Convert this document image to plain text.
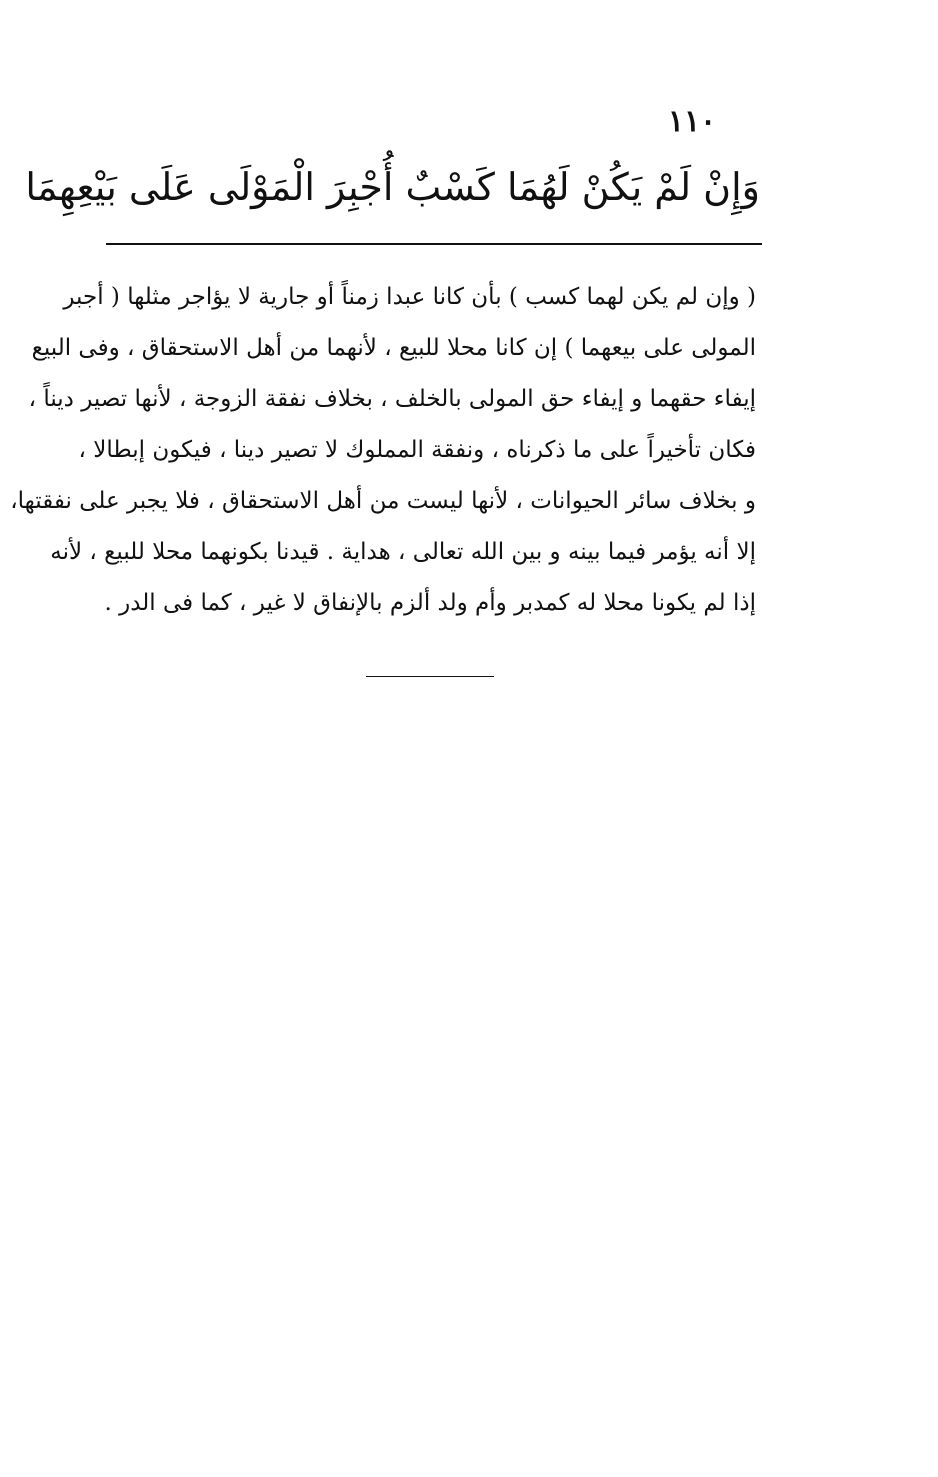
١١٠
وَإِنْ لَمْ يَكُنْ لَهُمَا كَسْبٌ أُجْبِرَ الْمَوْلَى عَلَى بَيْعِهِمَا
( وإن لم يكن لهما كسب ) بأن كانا عبدا زمناً أو جارية لا يؤاجر مثلها ( أجبر
المولى على بيعهما ) إن كانا محلا للبيع ، لأنهما من أهل الاستحقاق ، وفى البيع
إيفاء حقهما و إيفاء حق المولى بالخلف ، بخلاف نفقة الزوجة ، لأنها تصير ديناً ،
فكان تأخيراً على ما ذكرناه ، ونفقة المملوك لا تصير دينا ، فيكون إبطالا ،
و بخلاف سائر الحيوانات ، لأنها ليست من أهل الاستحقاق ، فلا يجبر على نفقتها،
إلا أنه يؤمر فيما بينه و بين الله تعالى ، هداية . قيدنا بكونهما محلا للبيع ، لأنه
إذا لم يكونا محلا له كمدبر وأم ولد ألزم بالإنفاق لا غير ، كما فى الدر .
